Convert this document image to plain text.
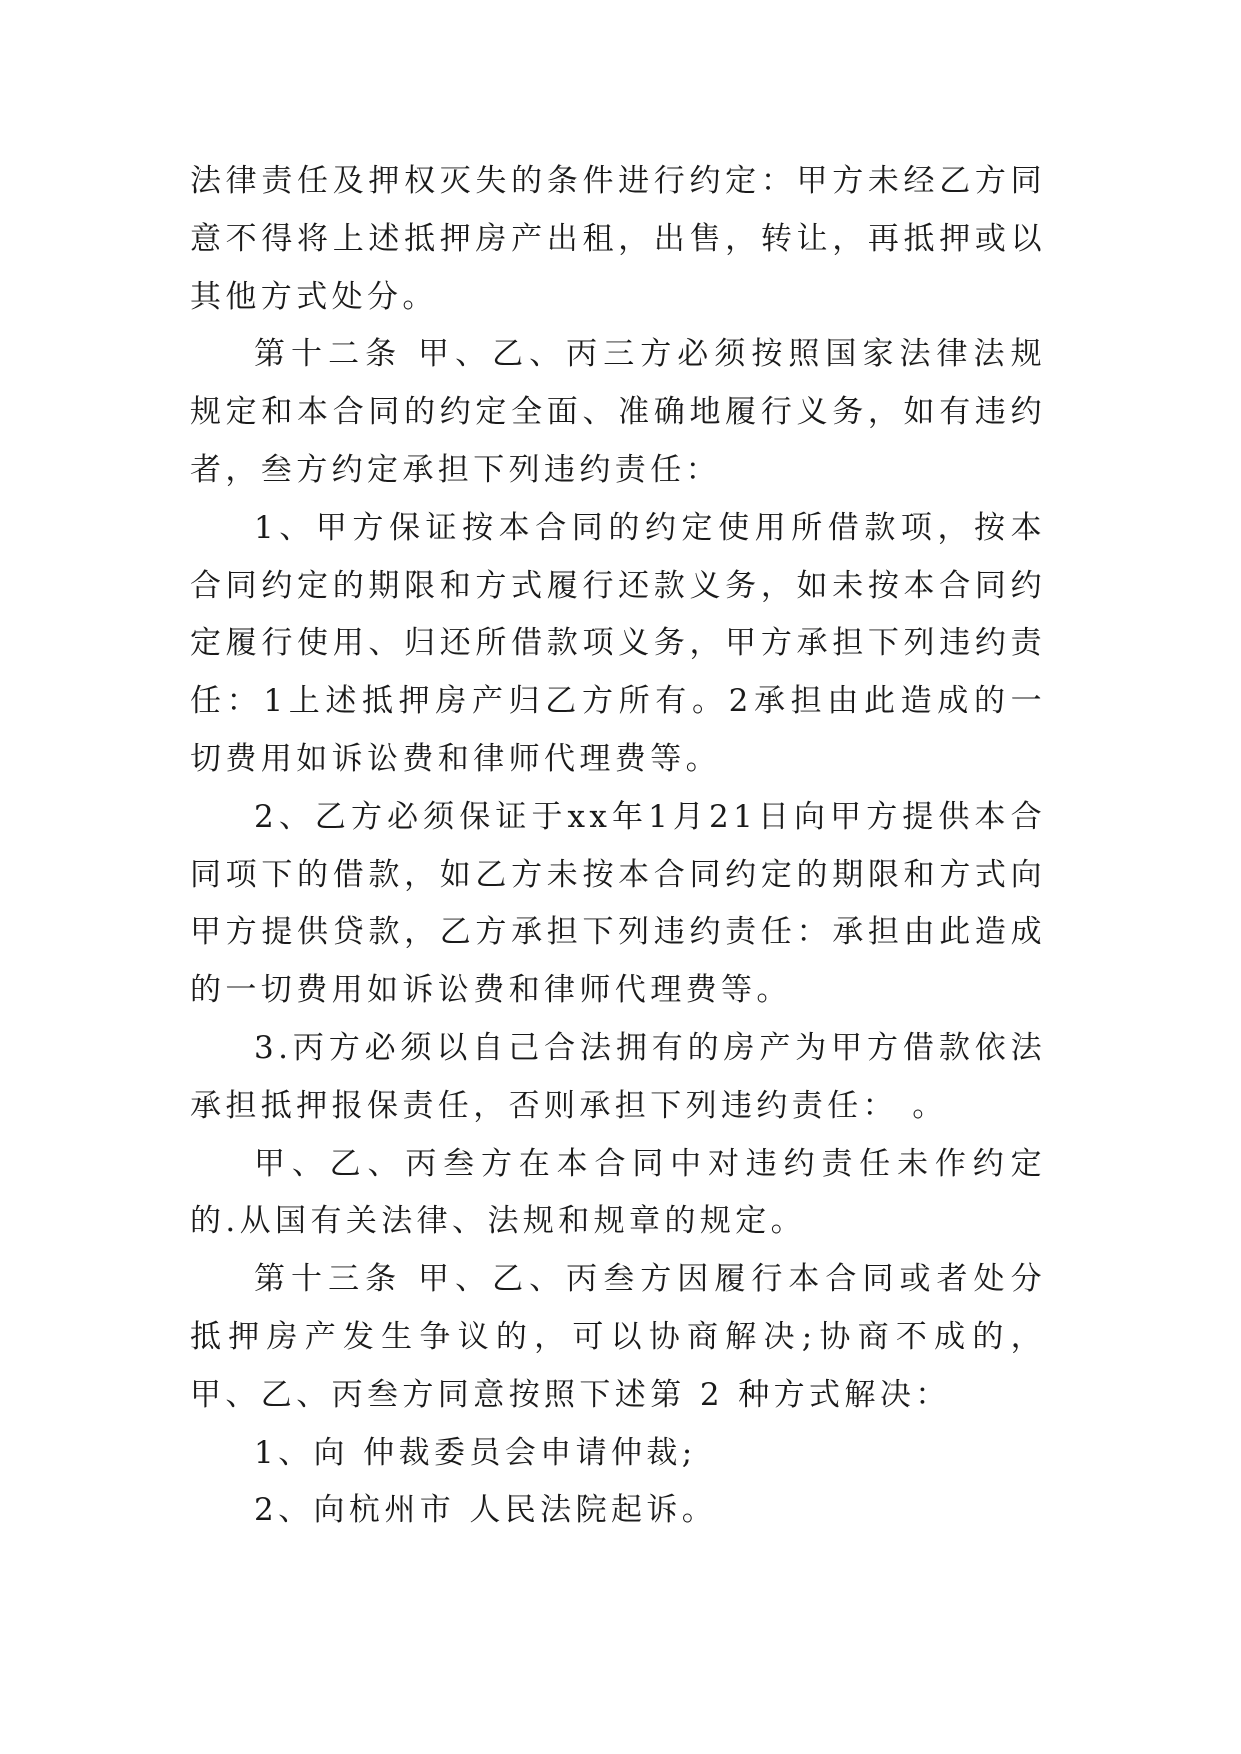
法律责任及押权灭失的条件进行约定：甲方未经乙方同意不得将上述抵押房产出租，出售，转让，再抵押或以其他方式处分。

第十二条 甲、乙、丙三方必须按照国家法律法规规定和本合同的约定全面、准确地履行义务，如有违约者，叁方约定承担下列违约责任：

1、甲方保证按本合同的约定使用所借款项，按本合同约定的期限和方式履行还款义务，如未按本合同约定履行使用、归还所借款项义务，甲方承担下列违约责任：1上述抵押房产归乙方所有。2承担由此造成的一切费用如诉讼费和律师代理费等。

2、乙方必须保证于xx年1月21日向甲方提供本合同项下的借款，如乙方未按本合同约定的期限和方式向甲方提供贷款，乙方承担下列违约责任：承担由此造成的一切费用如诉讼费和律师代理费等。

3.丙方必须以自己合法拥有的房产为甲方借款依法承担抵押报保责任，否则承担下列违约责任： 。

甲、乙、丙叁方在本合同中对违约责任未作约定的.从国有关法律、法规和规章的规定。

第十三条 甲、乙、丙叁方因履行本合同或者处分抵押房产发生争议的，可以协商解决;协商不成的，甲、乙、丙叁方同意按照下述第 2 种方式解决：

1、向 仲裁委员会申请仲裁;

2、向杭州市 人民法院起诉。
